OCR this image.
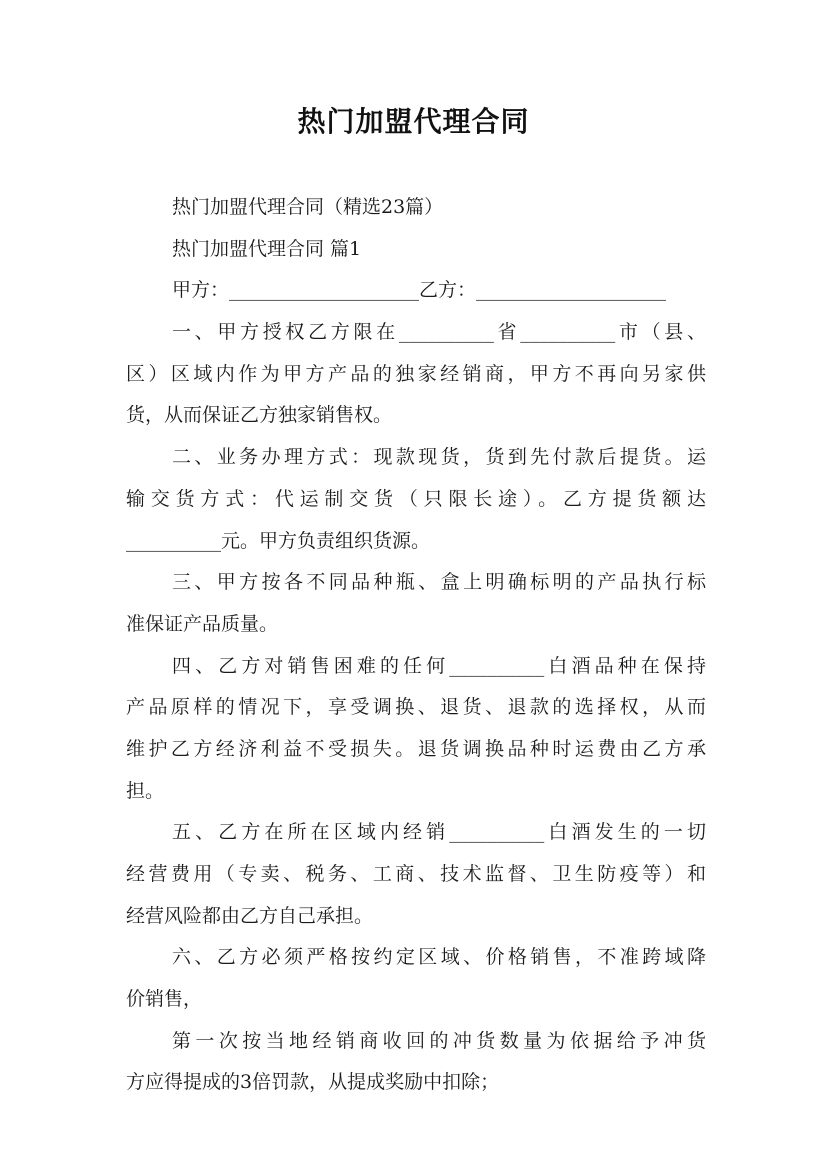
热门加盟代理合同
热门加盟代理合同（精选23篇）
热门加盟代理合同 篇1
甲方：____________________乙方：____________________
一、甲方授权乙方限在__________省__________市（县、
区）区域内作为甲方产品的独家经销商，甲方不再向另家供
货，从而保证乙方独家销售权。
二、业务办理方式：现款现货，货到先付款后提货。运
输交货方式：代运制交货（只限长途）。乙方提货额达
__________元。甲方负责组织货源。
三、甲方按各不同品种瓶、盒上明确标明的产品执行标
准保证产品质量。
四、乙方对销售困难的任何__________白酒品种在保持
产品原样的情况下，享受调换、退货、退款的选择权，从而
维护乙方经济利益不受损失。退货调换品种时运费由乙方承
担。
五、乙方在所在区域内经销__________白酒发生的一切
经营费用（专卖、税务、工商、技术监督、卫生防疫等）和
经营风险都由乙方自己承担。
六、乙方必须严格按约定区域、价格销售，不准跨域降
价销售，
第一次按当地经销商收回的冲货数量为依据给予冲货
方应得提成的3倍罚款，从提成奖励中扣除；
